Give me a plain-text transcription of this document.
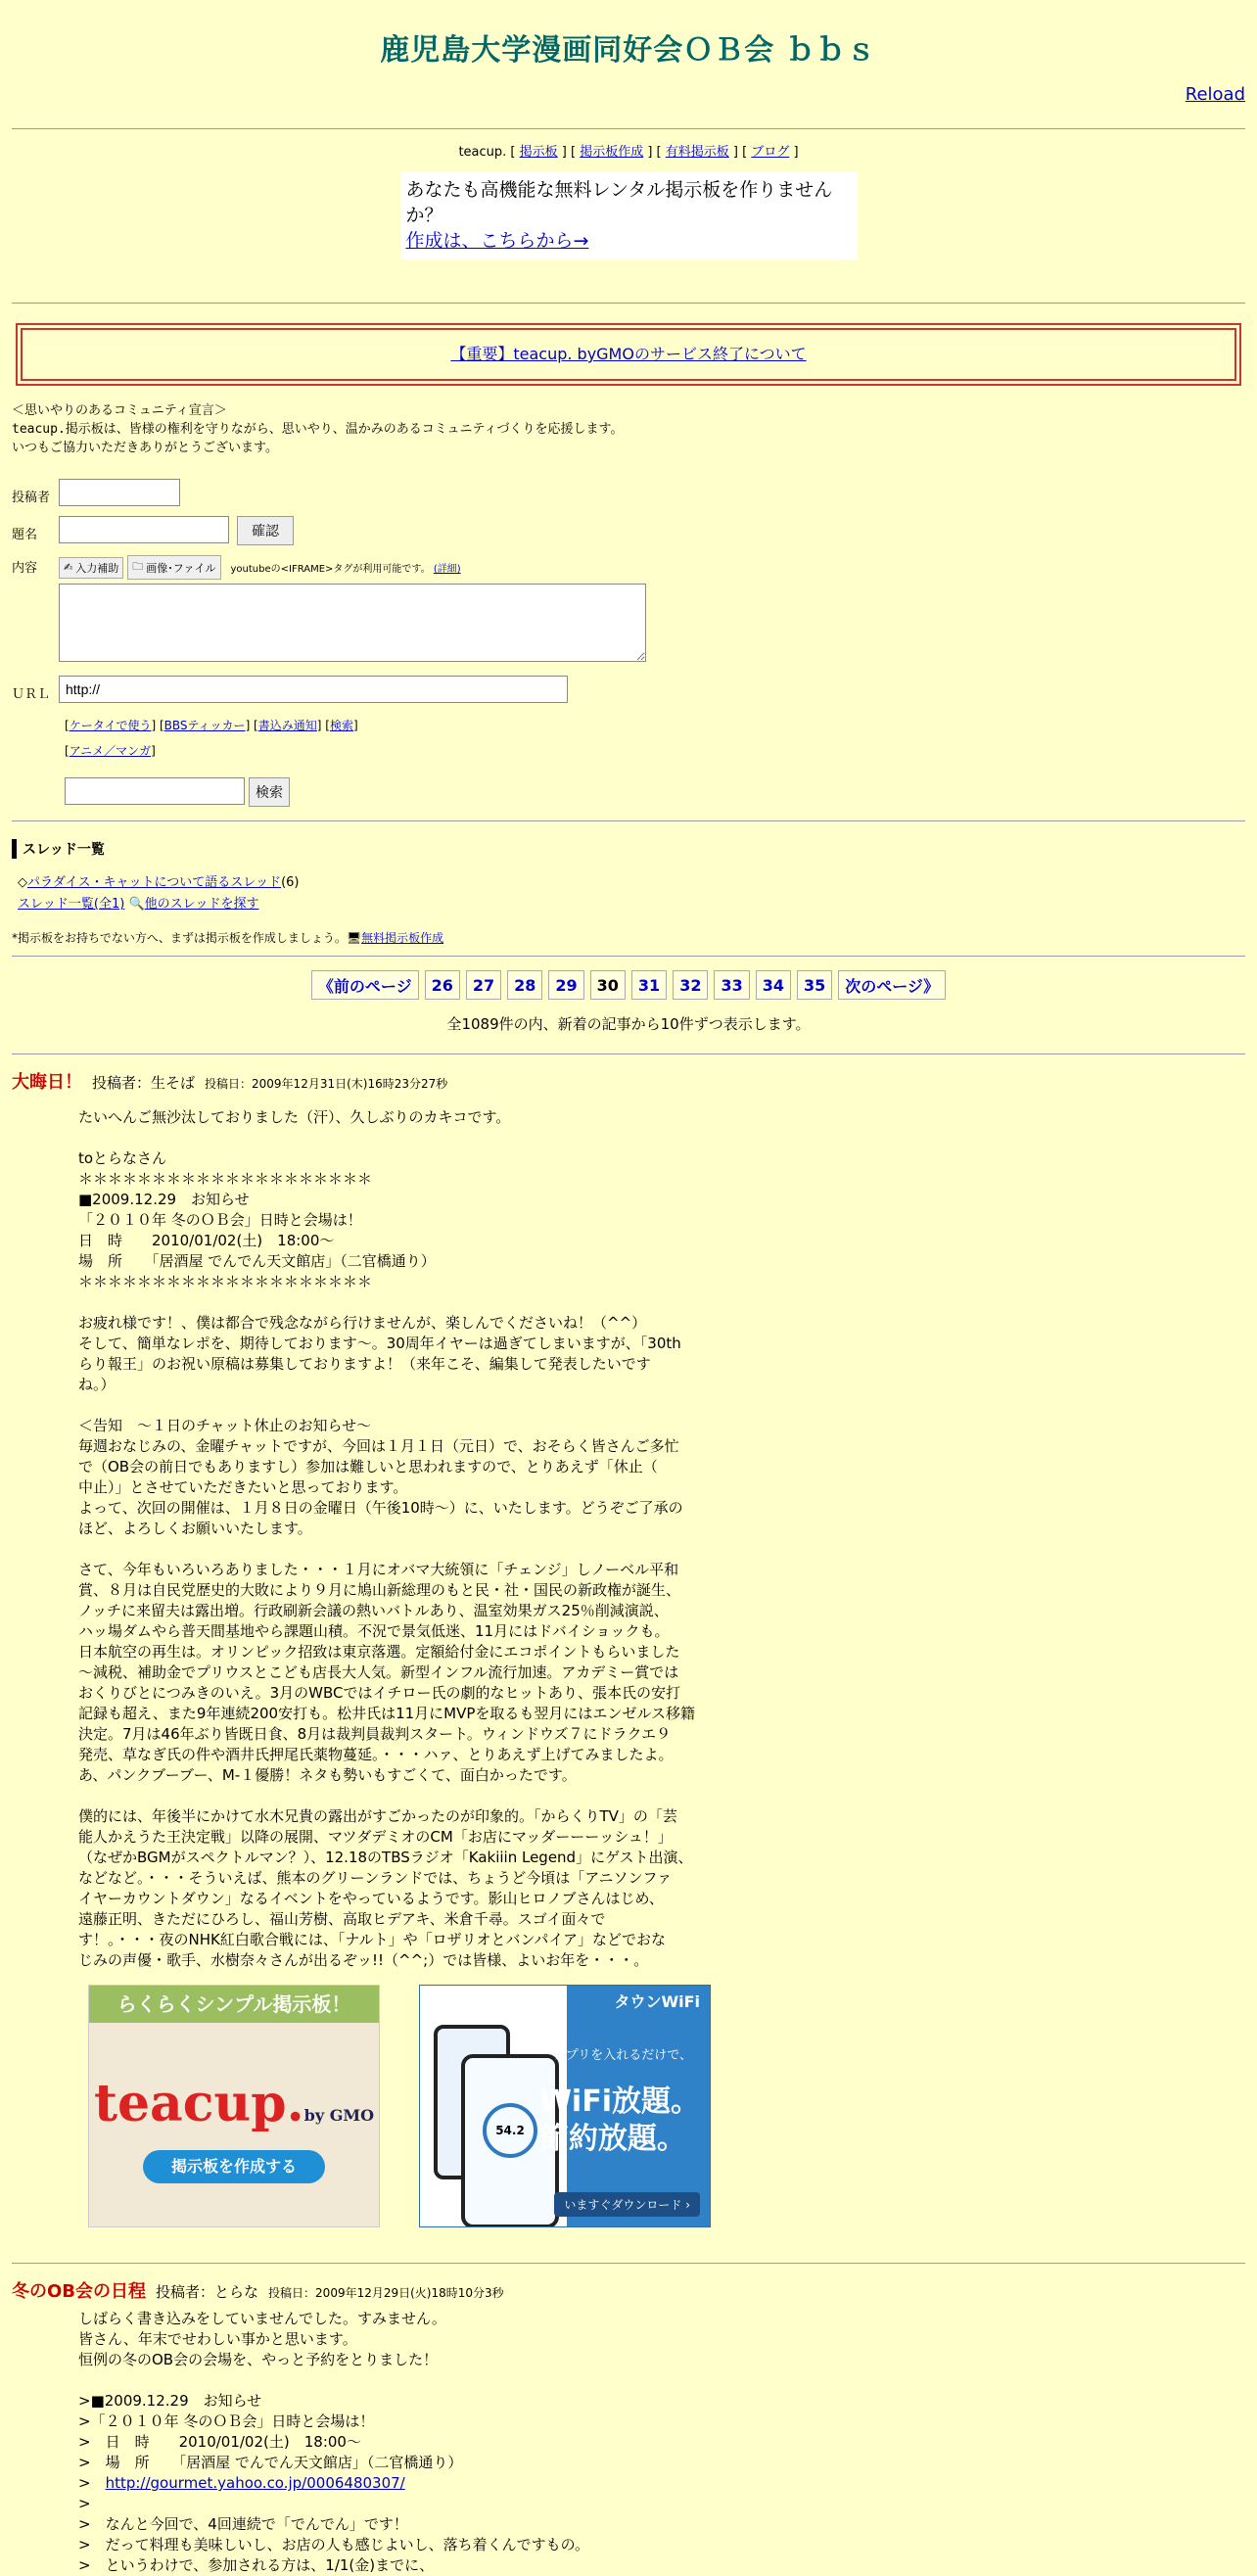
鹿児島大学漫画同好会ＯＢ会 ｂｂｓ
Reload
teacup. [ 掲示板 ] [ 掲示板作成 ] [ 有料掲示板 ] [ ブログ ]
あなたも高機能な無料レンタル掲示板を作りませんか？
作成は、こちらから→
【重要】teacup. byGMOのサービス終了について
＜思いやりのあるコミュニティ宣言＞
teacup.掲示板は、皆様の権利を守りながら、思いやり、温かみのあるコミュニティづくりを応援します。
いつもご協力いただきありがとうございます。
投稿者
題名	確認
内容	✍ 入力補助 🗀 画像･ファイル youtubeの<IFRAME>タグが利用可能です。 (詳細)
ＵＲＬ
http://
[ケータイで使う] [BBSティッカー] [書込み通知] [検索]
[アニメ／マンガ]
検索
スレッド一覧
◇パラダイス・キャットについて語るスレッド(6)
スレッド一覧(全1) 🔍他のスレッドを探す
*掲示板をお持ちでない方へ、まずは掲示板を作成しましょう。🖥無料掲示板作成
《前のページ	26	27	28	29	30	31	32	33	34	35	次のページ》
全1089件の内、新着の記事から10件ずつ表示します。
大晦日！ 投稿者：生そば 投稿日：2009年12月31日(木)16時23分27秒
たいへんご無沙汰しておりました（汗）、久しぶりのカキコです。

toとらなさん
＊＊＊＊＊＊＊＊＊＊＊＊＊＊＊＊＊＊＊＊
■2009.12.29　お知らせ
「２０１０年 冬のＯＢ会」日時と会場は！
日　時　　2010/01/02(土)　18:00～
場　所　　「居酒屋 でんでん天文館店」（二官橋通り）
＊＊＊＊＊＊＊＊＊＊＊＊＊＊＊＊＊＊＊＊

お疲れ様です！、僕は都合で残念ながら行けませんが、楽しんでくださいね！（^^）
そして、簡単なレポを、期待しております～。30周年イヤーは過ぎてしまいますが、「30th
らり報王」のお祝い原稿は募集しておりますよ！（来年こそ、編集して発表したいです
ね。）

＜告知　～１日のチャット休止のお知らせ～
毎週おなじみの、金曜チャットですが、今回は１月１日（元日）で、おそらく皆さんご多忙
で（OB会の前日でもありますし）参加は難しいと思われますので、とりあえず「休止（
中止）」とさせていただきたいと思っております。
よって、次回の開催は、１月８日の金曜日（午後10時～）に、いたします。どうぞご了承の
ほど、よろしくお願いいたします。

さて、今年もいろいろありました・・・１月にオバマ大統領に「チェンジ」しノーベル平和
賞、８月は自民党歴史的大敗により９月に鳩山新総理のもと民・社・国民の新政権が誕生、
ノッチに来留夫は露出増。行政刷新会議の熱いバトルあり、温室効果ガス25％削減演説、
ハッ場ダムやら普天間基地やら課題山積。不況で景気低迷、11月にはドバイショックも。
日本航空の再生は。オリンピック招致は東京落選。定額給付金にエコポイントもらいました
～減税、補助金でプリウスとこども店長大人気。新型インフル流行加速。アカデミー賞では
おくりびとにつみきのいえ。3月のWBCではイチロー氏の劇的なヒットあり、張本氏の安打
記録も超え、また9年連続200安打も。松井氏は11月にMVPを取るも翌月にはエンゼルス移籍
決定。7月は46年ぶり皆既日食、8月は裁判員裁判スタート。ウィンドウズ７にドラクエ９
発売、草なぎ氏の件や酒井氏押尾氏薬物蔓延。・・・ハァ、とりあえず上げてみましたよ。
あ、パンクブーブー、M-１優勝！ネタも勢いもすごくて、面白かったです。

僕的には、年後半にかけて水木兄貴の露出がすごかったのが印象的。「からくりTV」の「芸
能人かえうた王決定戦」以降の展開、マツダデミオのCM「お店にマッダーーーッシュ！」
（なぜかBGMがスペクトルマン？）、12.18のTBSラジオ「Kakiiin Legend」にゲスト出演、
などなど。・・・そういえば、熊本のグリーンランドでは、ちょうど今頃は「アニソンファ
イヤーカウントダウン」なるイベントをやっているようです。影山ヒロノブさんはじめ、
遠藤正明、きただにひろし、福山芳樹、高取ヒデアキ、米倉千尋。スゴイ面々で
す！。・・・夜のNHK紅白歌合戦には、「ナルト」や「ロザリオとバンパイア」などでおな
じみの声優・歌手、水樹奈々さんが出るぞッ!!（^^;）では皆様、よいお年を・・・。
らくらくシンプル掲示板！
teacup.by GMO
掲示板を作成する
タウンWiFi
54.2
アプリを入れるだけで、
WiFi放題。
節約放題。
いますぐダウンロード ›
冬のOB会の日程 投稿者：とらな 投稿日：2009年12月29日(火)18時10分3秒
しばらく書き込みをしていませんでした。すみません。
皆さん、年末でせわしい事かと思います。
恒例の冬のOB会の会場を、やっと予約をとりました！

>■2009.12.29　お知らせ
>「２０１０年 冬のＯＢ会」日時と会場は！
>　日　時　　2010/01/02(土)　18:00～
>　場　所　　「居酒屋 でんでん天文館店」（二官橋通り）
>　http://gourmet.yahoo.co.jp/0006480307/
>
>　なんと今回で、4回連続で「でんでん」です！
>　だって料理も美味しいし、お店の人も感じよいし、落ち着くんですもの。
>　というわけで、参加される方は、1/1(金)までに、
